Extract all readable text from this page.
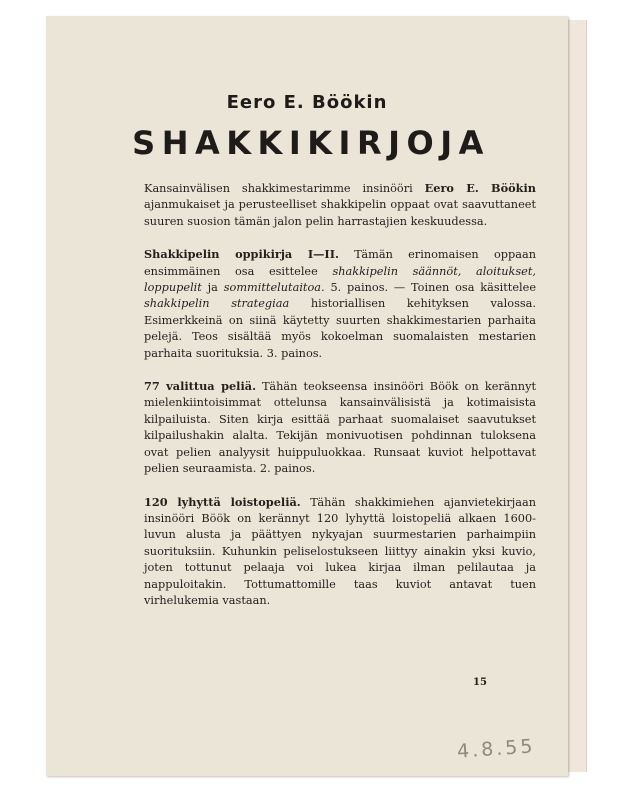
Eero E. Böökin
SHAKKIKIRJOJA

Kansainvälisen shakkimestarimme insinööri Eero E. Böökin ajanmukaiset ja perusteelliset shakkipelin oppaat ovat saavuttaneet suuren suosion tämän jalon pelin harrastajien keskuudessa.

Shakkipelin oppikirja I—II. Tämän erinomaisen oppaan ensimmäinen osa esittelee shakkipelin säännöt, aloitukset, loppupelit ja sommittelutaitoa. 5. painos. — Toinen osa käsittelee shakkipelin strategiaa historiallisen kehityksen valossa. Esimerkkeinä on siinä käytetty suurten shakkimestarien parhaita pelejä. Teos sisältää myös kokoelman suomalaisten mestarien parhaita suorituksia. 3. painos.

77 valittua peliä. Tähän teokseensa insinööri Böök on kerännyt mielenkiintoisimmat ottelunsa kansainvälisistä ja kotimaisista kilpailuista. Siten kirja esittää parhaat suomalaiset saavutukset kilpailushakin alalta. Tekijän monivuotisen pohdinnan tuloksena ovat pelien analyysit huippuluokkaa. Runsaat kuviot helpottavat pelien seuraamista. 2. painos.

120 lyhyttä loistopeliä. Tähän shakkimiehen ajanvietekirjaan insinööri Böök on kerännyt 120 lyhyttä loistopeliä alkaen 1600-luvun alusta ja päättyen nykyajan suurmestarien parhaimpiin suorituksiin. Kuhunkin peliselostukseen liittyy ainakin yksi kuvio, joten tottunut pelaaja voi lukea kirjaa ilman pelilautaa ja nappuloitakin. Tottumattomille taas kuviot antavat tuen virhelukemia vastaan.

15
4.8.55
